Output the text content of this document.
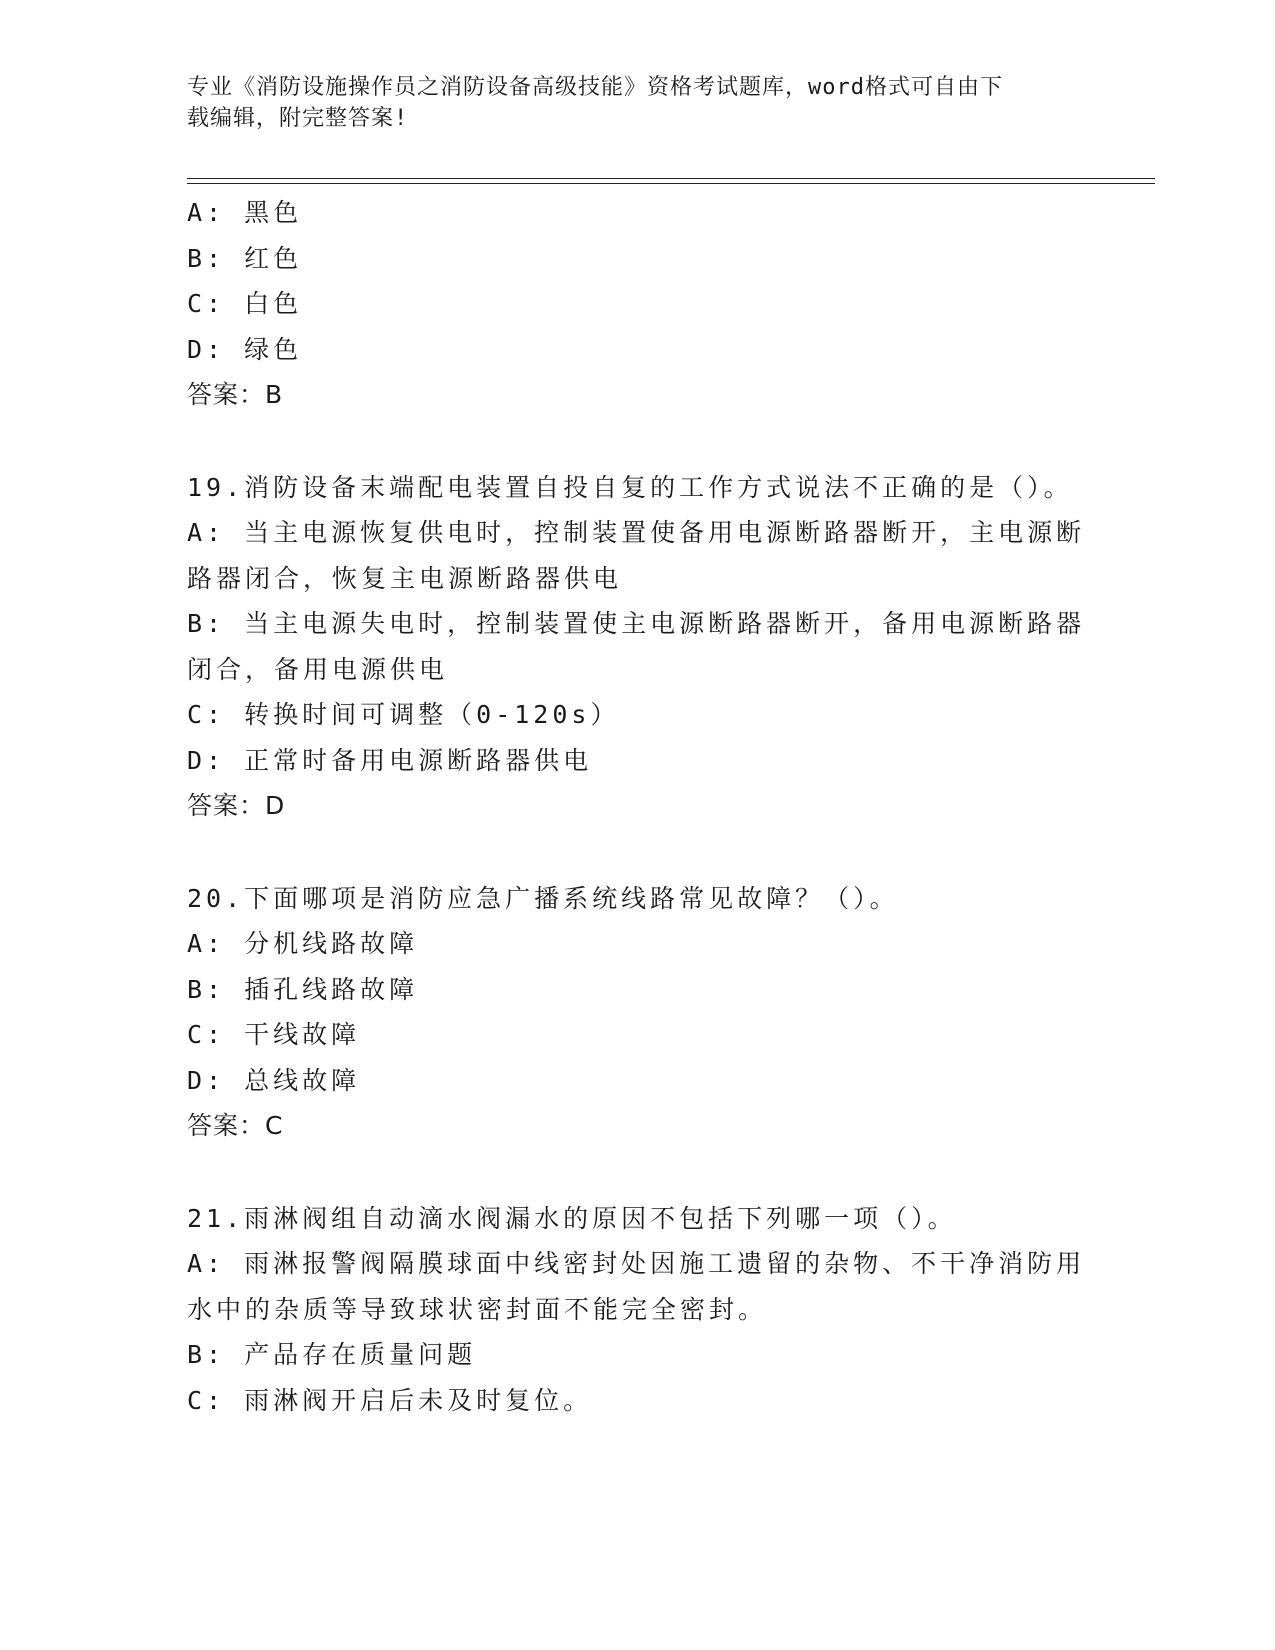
专业《消防设施操作员之消防设备高级技能》资格考试题库，word格式可自由下
载编辑，附完整答案!
A: 黑色
B: 红色
C: 白色
D: 绿色
答案：B
19.消防设备末端配电装置自投自复的工作方式说法不正确的是（）。
A: 当主电源恢复供电时，控制装置使备用电源断路器断开，主电源断
路器闭合，恢复主电源断路器供电
B: 当主电源失电时，控制装置使主电源断路器断开，备用电源断路器
闭合，备用电源供电
C: 转换时间可调整（0-120s）
D: 正常时备用电源断路器供电
答案：D
20.下面哪项是消防应急广播系统线路常见故障？（）。
A: 分机线路故障
B: 插孔线路故障
C: 干线故障
D: 总线故障
答案：C
21.雨淋阀组自动滴水阀漏水的原因不包括下列哪一项（）。
A: 雨淋报警阀隔膜球面中线密封处因施工遗留的杂物、不干净消防用
水中的杂质等导致球状密封面不能完全密封。
B: 产品存在质量问题
C: 雨淋阀开启后未及时复位。
